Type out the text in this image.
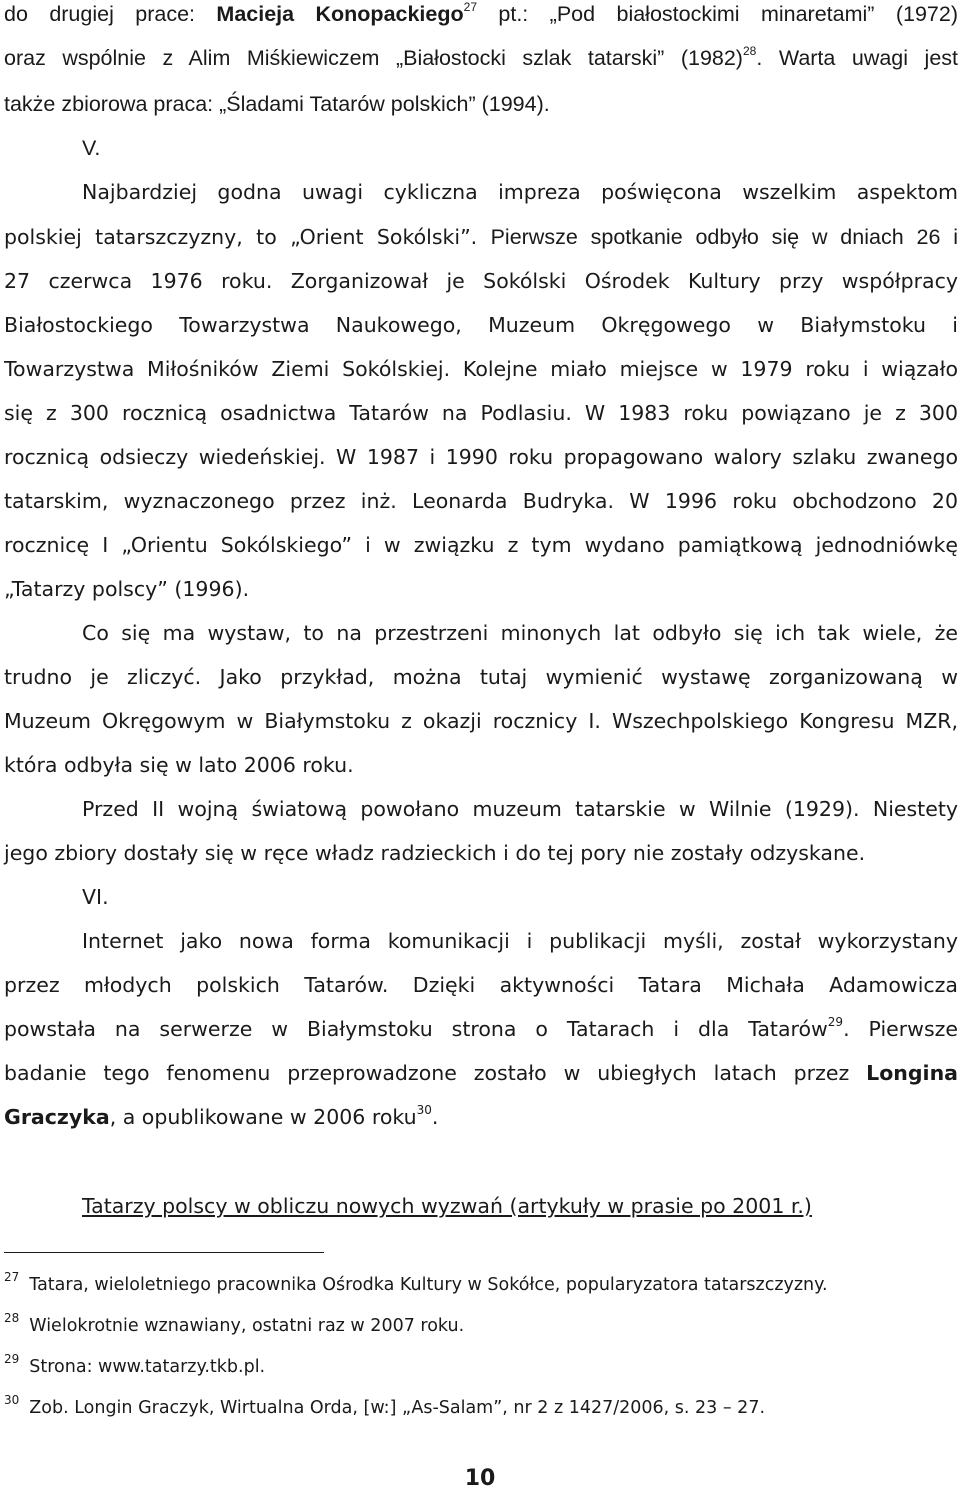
do drugiej prace: Macieja Konopackiego$^{27}$ pt.: „Pod białostockimi minaretami” (1972)
oraz wspólnie z Alim Miśkiewiczem „Białostocki szlak tatarski” $(1982)^{28}$. Warta uwagi jest
także zbiorowa praca: „Śladami Tatarów polskich” (1994).
V.
Najbardziej godna uwagi cykliczna impreza poświęcona wszelkim aspektom
polskiej tatarszczyzny, to „Orient Sokólski”. Pierwsze spotkanie odbyło się w dniach 26 i
27 czerwca 1976 roku. Zorganizował je Sokólski Ośrodek Kultury przy współpracy
Białostockiego Towarzystwa Naukowego, Muzeum Okręgowego w Białymstoku i
Towarzystwa Miłośników Ziemi Sokólskiej. Kolejne miało miejsce w 1979 roku i wiązało
się z 300 rocznicą osadnictwa Tatarów na Podlasiu. W 1983 roku powiązano je z 300
rocznicą odsieczy wiedeńskiej. W 1987 i 1990 roku propagowano walory szlaku zwanego
tatarskim, wyznaczonego przez inż. Leonarda Budryka. W 1996 roku obchodzono 20
rocznicę I „Orientu Sokólskiego” i w związku z tym wydano pamiątkową jednodniówkę
„Tatarzy polscy” (1996).
Co się ma wystaw, to na przestrzeni minonych lat odbyło się ich tak wiele, że
trudno je zliczyć. Jako przykład, można tutaj wymienić wystawę zorganizowaną w
Muzeum Okręgowym w Białymstoku z okazji rocznicy I. Wszechpolskiego Kongresu MZR,
która odbyła się w lato 2006 roku.
Przed II wojną światową powołano muzeum tatarskie w Wilnie (1929). Niestety
jego zbiory dostały się w ręce władz radzieckich i do tej pory nie zostały odzyskane.
VI.
Internet jako nowa forma komunikacji i publikacji myśli, został wykorzystany
przez młodych polskich Tatarów. Dzięki aktywności Tatara Michała Adamowicza
powstała na serwerze w Białymstoku strona o Tatarach i dla Tatarów$^{29}$. Pierwsze
badanie tego fenomenu przeprowadzone zostało w ubiegłych latach przez Longina
Graczyka, a opublikowane w 2006 roku$^{30}$.
Tatarzy polscy w obliczu nowych wyzwań (artykuły w prasie po 2001 r.)
$^{27}$ Tatara, wieloletniego pracownika Ośrodka Kultury w Sokółce, popularyzatora tatarszczyzny.
$^{28}$ Wielokrotnie wznawiany, ostatni raz w 2007 roku.
$^{29}$ Strona: www.tatarzy.tkb.pl.
$^{30}$ Zob. Longin Graczyk, Wirtualna Orda, [w:] „As-Salam”, nr 2 z 1427/2006, s. 23 – 27.
10
